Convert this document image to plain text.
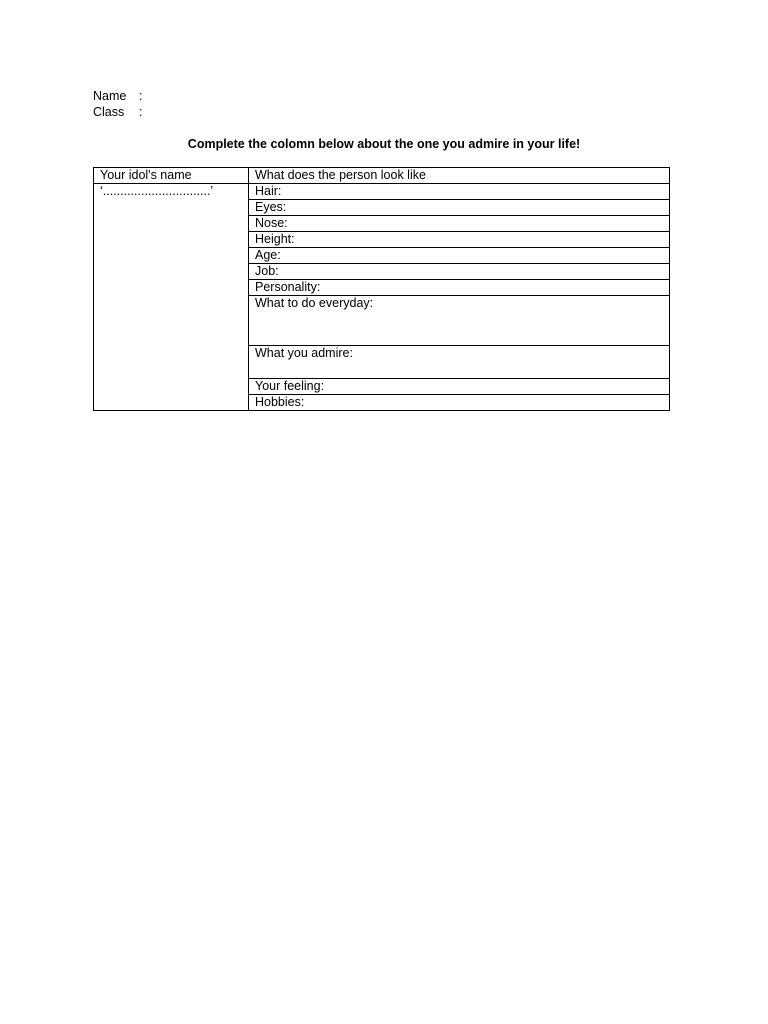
Name	:
Class	:
Complete the colomn below about the one you admire in your life!
Your idol's name	What does the person look like
‘...............................’	Hair:
	Eyes:
	Nose:
	Height:
	Age:
	Job:
	Personality:
	What to do everyday:
	What you admire:
	Your feeling:
	Hobbies:
